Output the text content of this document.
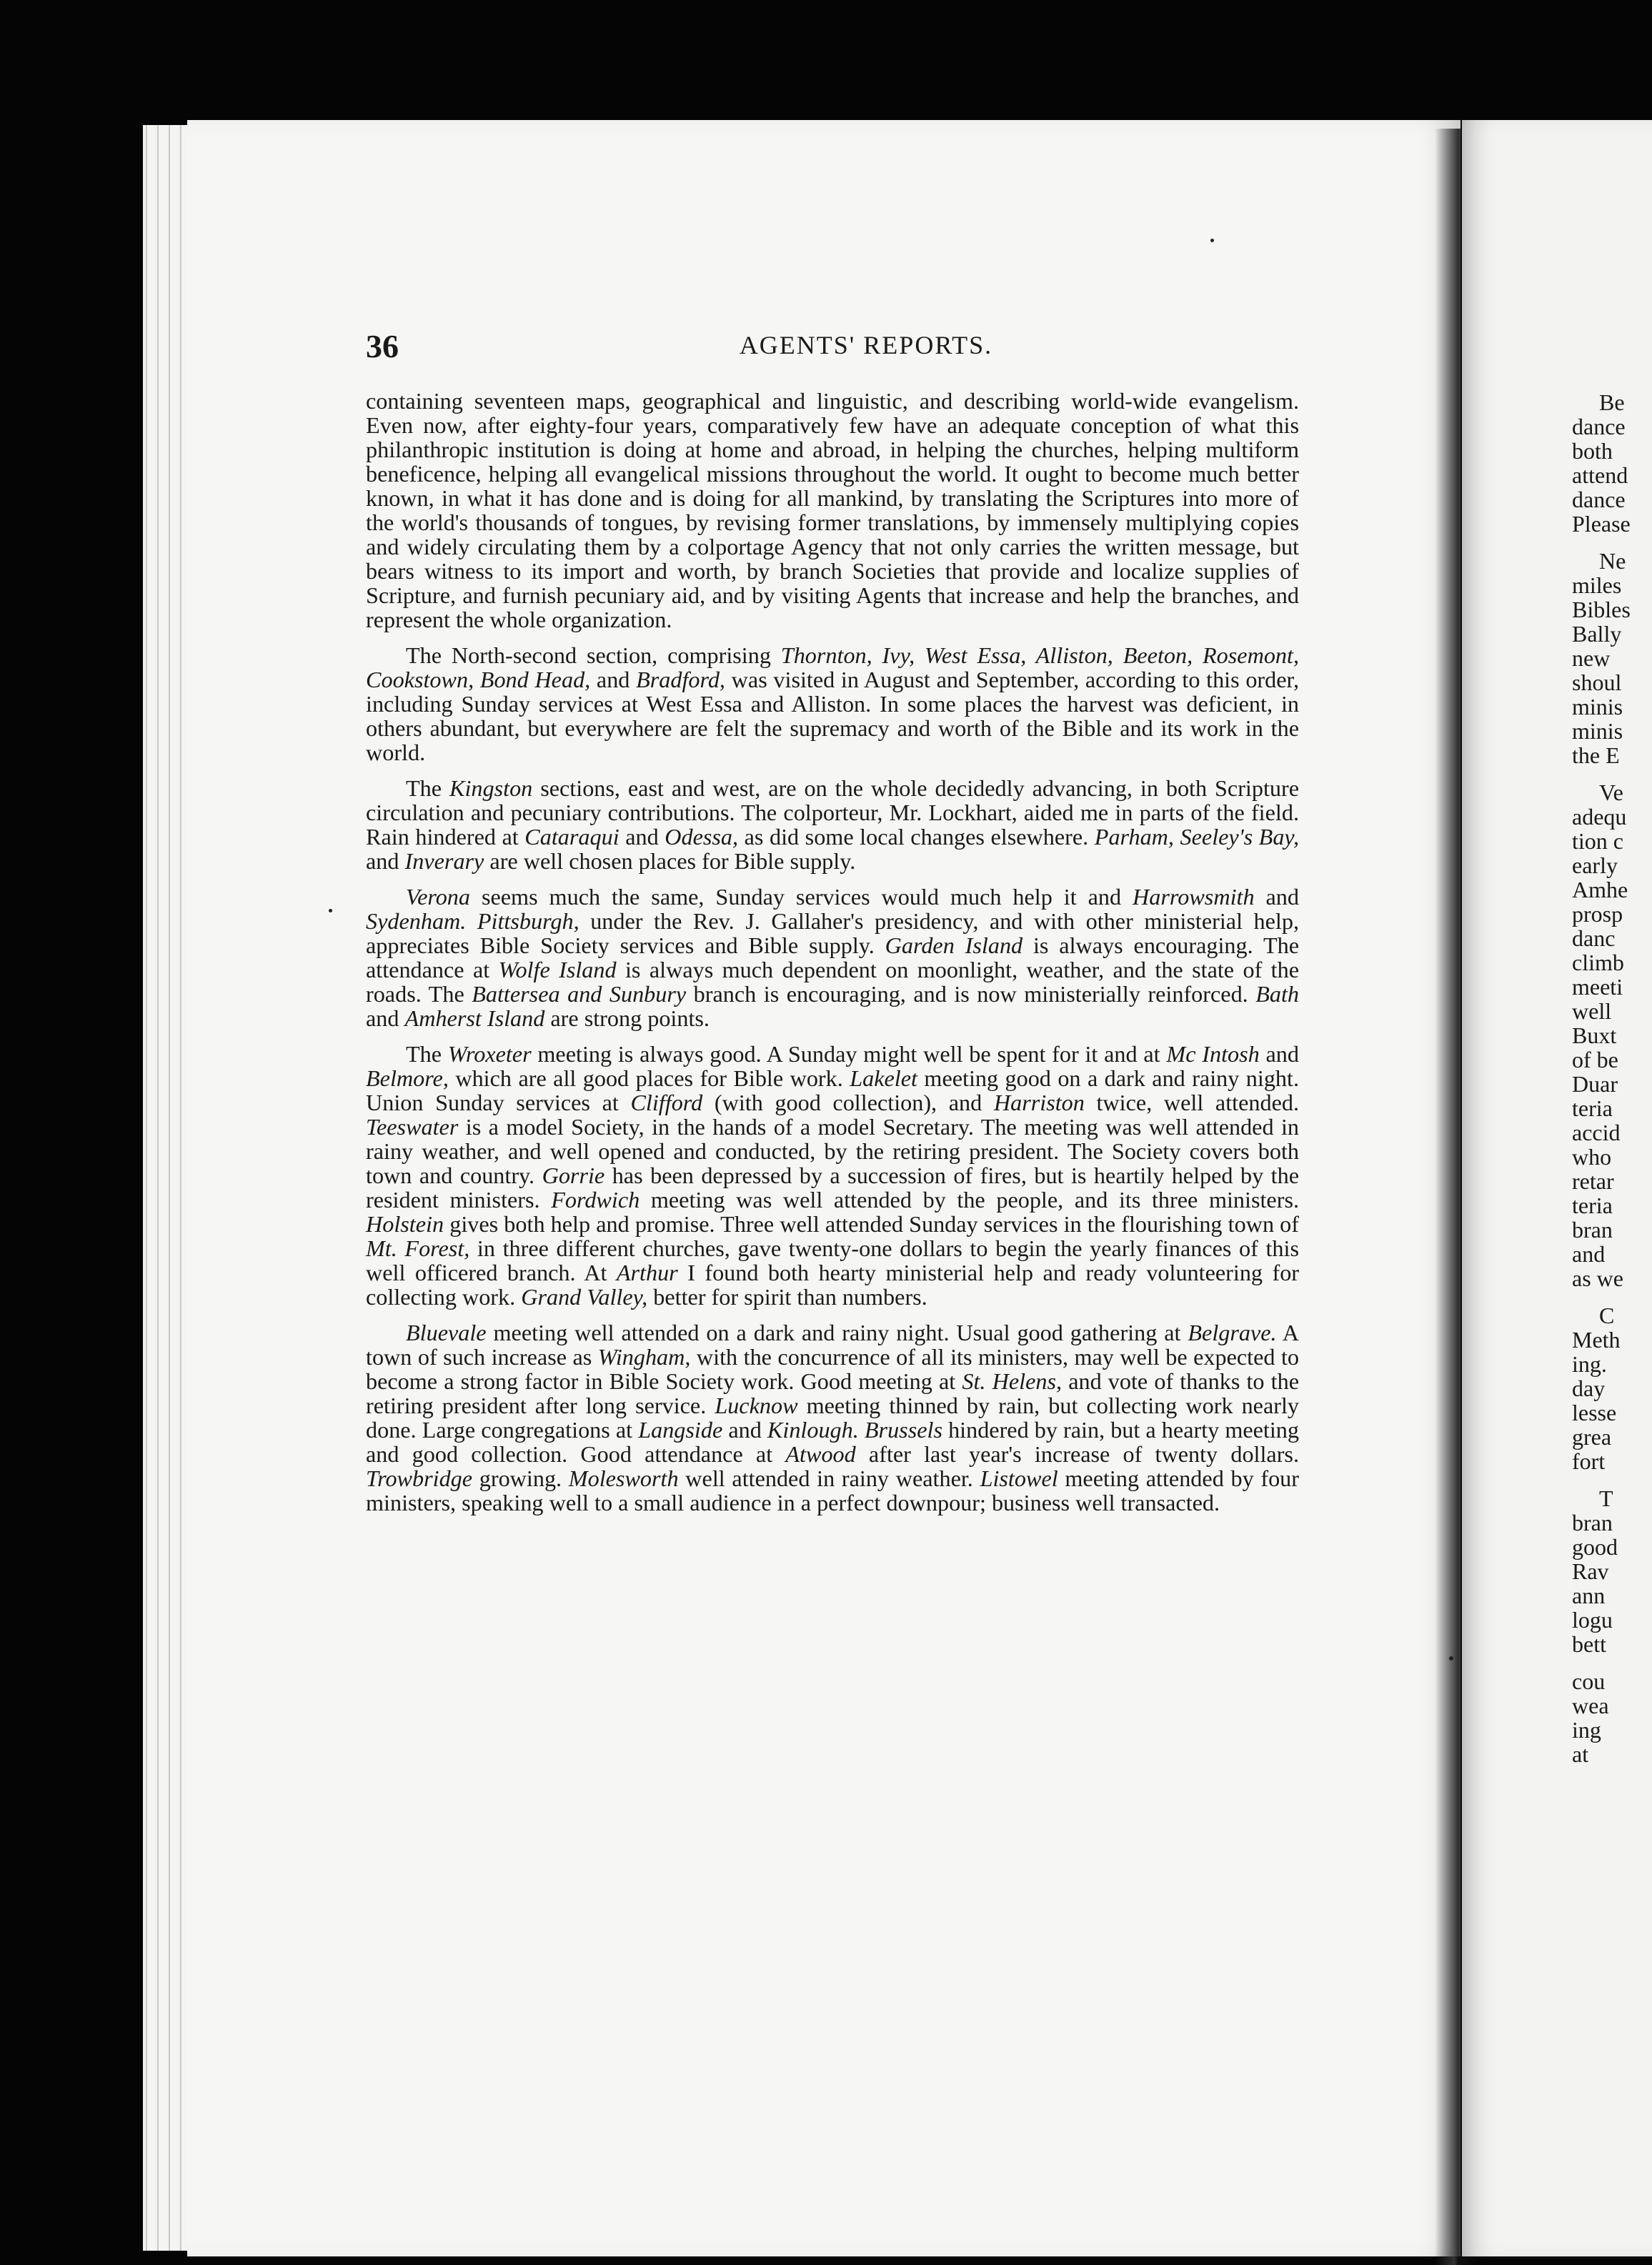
Be
dance
both
attend
dance
Please
Ne
miles
Bibles
Bally
new
shoul
minis
minis
the E
Ve
adequ
tion c
early
Amhe
prosp
danc
climb
meeti
well
Buxt
of be
Duar
teria
accid
who
retar
teria
bran
and
as we
C
Meth
ing.
day
lesse
grea
fort
T
bran
good
Rav
ann
logu
bett
cou
wea
ing
at
36	AGENTS' REPORTS.

containing seventeen maps, geographical and linguistic, and describing world-wide evangelism. Even now, after eighty-four years, comparatively few have an adequate conception of what this philanthropic institution is doing at home and abroad, in helping the churches, helping multiform beneficence, helping all evangelical missions throughout the world. It ought to become much better known, in what it has done and is doing for all mankind, by translating the Scriptures into more of the world's thousands of tongues, by revising former translations, by immensely multiplying copies and widely circulating them by a colportage Agency that not only carries the written message, but bears witness to its import and worth, by branch Societies that provide and localize supplies of Scripture, and furnish pecuniary aid, and by visiting Agents that increase and help the branches, and represent the whole organization.

The North-second section, comprising Thornton, Ivy, West Essa, Alliston, Beeton, Rosemont, Cookstown, Bond Head, and Bradford, was visited in August and September, according to this order, including Sunday services at West Essa and Alliston. In some places the harvest was deficient, in others abundant, but everywhere are felt the supremacy and worth of the Bible and its work in the world.

The Kingston sections, east and west, are on the whole decidedly advancing, in both Scripture circulation and pecuniary contributions. The colporteur, Mr. Lockhart, aided me in parts of the field. Rain hindered at Cataraqui and Odessa, as did some local changes elsewhere. Parham, Seeley's Bay, and Inverary are well chosen places for Bible supply.

Verona seems much the same, Sunday services would much help it and Harrowsmith and Sydenham. Pittsburgh, under the Rev. J. Gallaher's presidency, and with other ministerial help, appreciates Bible Society services and Bible supply. Garden Island is always encouraging. The attendance at Wolfe Island is always much dependent on moonlight, weather, and the state of the roads. The Battersea and Sunbury branch is encouraging, and is now ministerially reinforced. Bath and Amherst Island are strong points.

The Wroxeter meeting is always good. A Sunday might well be spent for it and at Mc Intosh and Belmore, which are all good places for Bible work. Lakelet meeting good on a dark and rainy night. Union Sunday services at Clifford (with good collection), and Harriston twice, well attended. Teeswater is a model Society, in the hands of a model Secretary. The meeting was well attended in rainy weather, and well opened and conducted, by the retiring president. The Society covers both town and country. Gorrie has been depressed by a succession of fires, but is heartily helped by the resident ministers. Fordwich meeting was well attended by the people, and its three ministers. Holstein gives both help and promise. Three well attended Sunday services in the flourishing town of Mt. Forest, in three different churches, gave twenty-one dollars to begin the yearly finances of this well officered branch. At Arthur I found both hearty ministerial help and ready volunteering for collecting work. Grand Valley, better for spirit than numbers.

Bluevale meeting well attended on a dark and rainy night. Usual good gathering at Belgrave. A town of such increase as Wingham, with the concurrence of all its ministers, may well be expected to become a strong factor in Bible Society work. Good meeting at St. Helens, and vote of thanks to the retiring president after long service. Lucknow meeting thinned by rain, but collecting work nearly done. Large congregations at Langside and Kinlough. Brussels hindered by rain, but a hearty meeting and good collection. Good attendance at Atwood after last year's increase of twenty dollars. Trowbridge growing. Molesworth well attended in rainy weather. Listowel meeting attended by four ministers, speaking well to a small audience in a perfect downpour; business well transacted.
